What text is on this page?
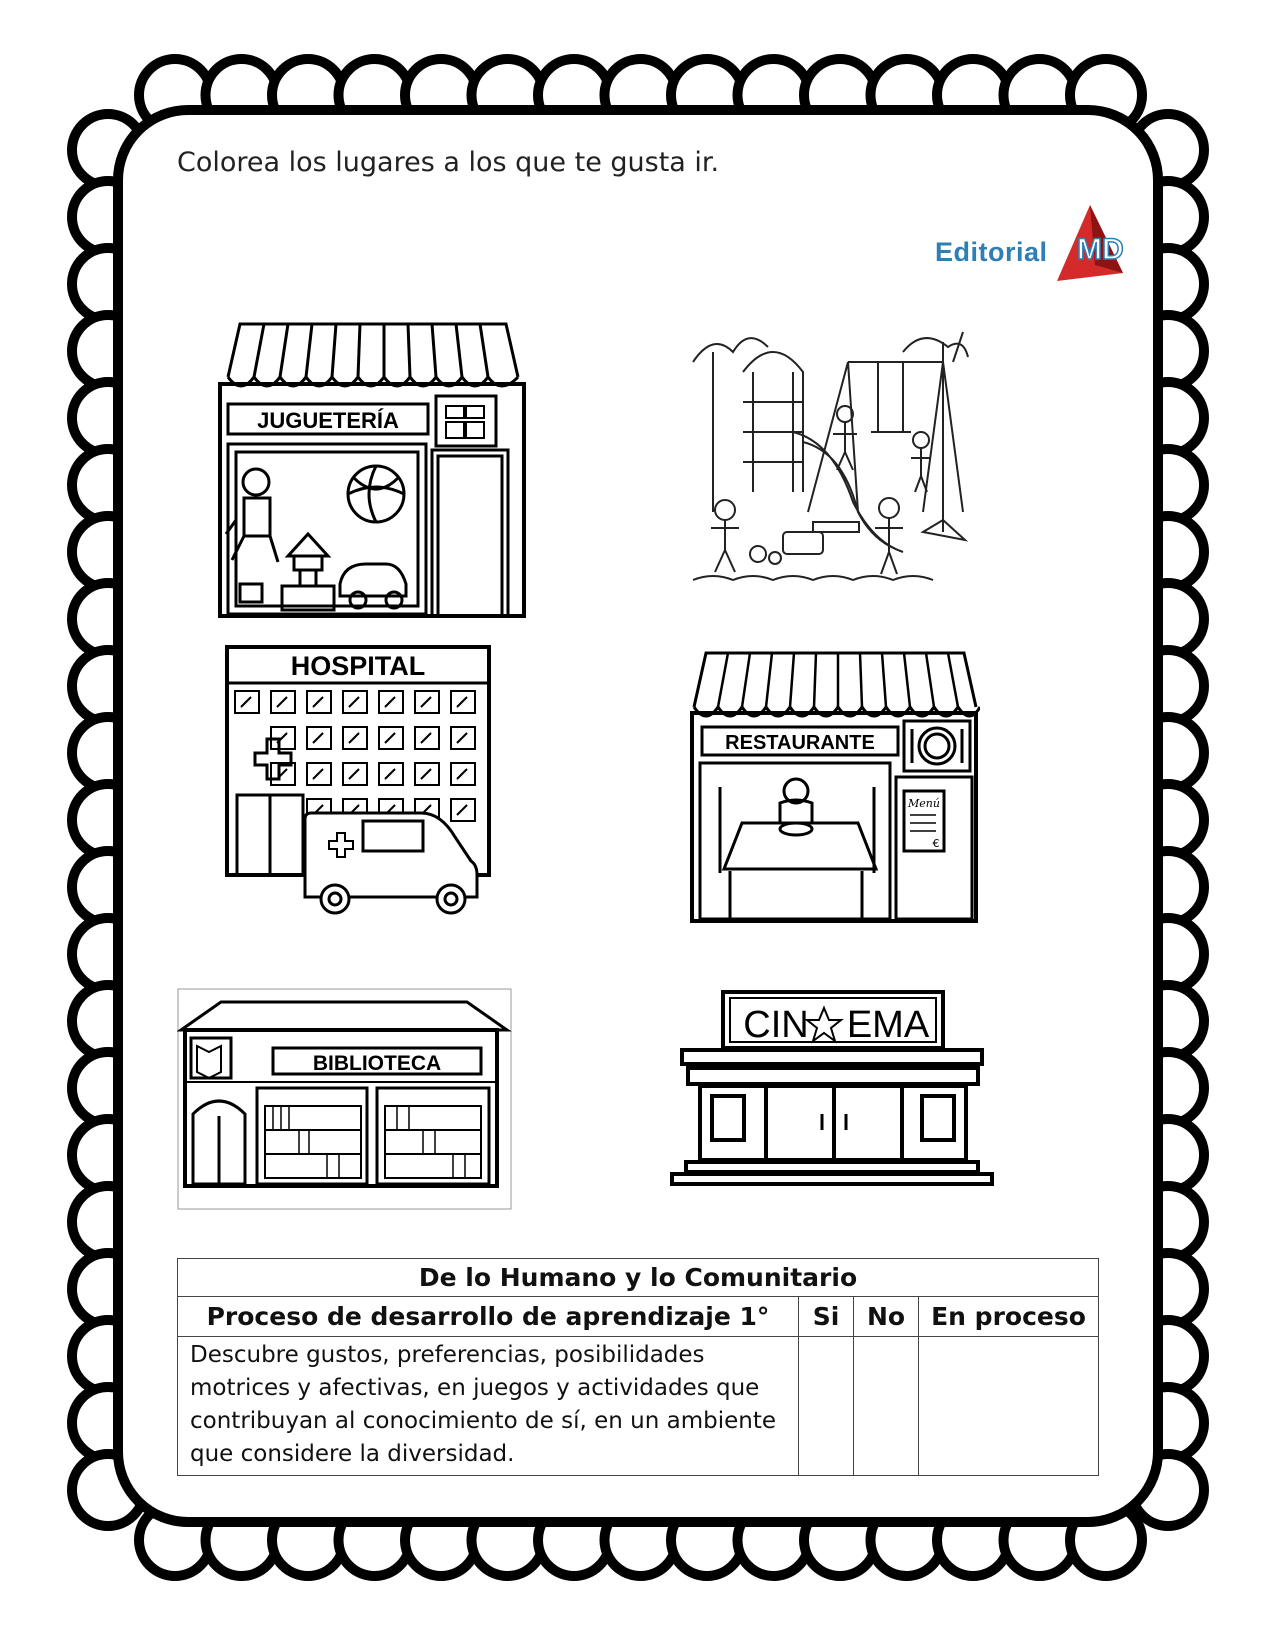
Colorea los lugares a los que te gusta ir.
Editorial MD
JUGUETERÍA
HOSPITAL
RESTAURANTE
Menú
€
BIBLIOTECA
CIN EMA
De lo Humano y lo Comunitario			
Proceso de desarrollo de aprendizaje 1°	Si	No	En proceso
Descubre gustos, preferencias, posibilidades motrices y afectivas, en juegos y actividades que contribuyan al conocimiento de sí, en un ambiente que considere la diversidad.			
